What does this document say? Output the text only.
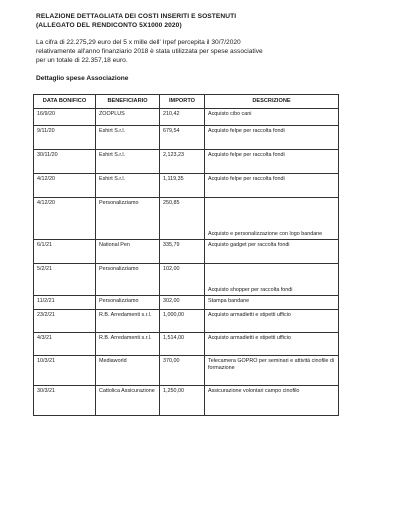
RELAZIONE DETTAGLIATA DEI COSTI INSERITI E SOSTENUTI
(ALLEGATO DEL RENDICONTO 5X1000 2020)
La cifra di 22.275,29 euro del 5 x mille dell' Irpef percepita il 30/7/2020
relativamente all'anno finanziario 2018 è stata utilizzata per spese associative
per un totale di 22.357,18 euro.
Dettaglio spese Associazione
DATA BONIFICO	BENEFICIARIO	IMPORTO	DESCRIZIONE
16/9/20	ZOOPLUS	210,42	Acquisto cibo cani
9/11/20	Eshirt S.r.l.	679,54	Acquisto felpe per raccolta fondi
30/11/20	Eshirt S.r.l.	2,123,23	Acquisto felpe per raccolta fondi
4/12/20	Eshirt S.r.l.	1,119,35	Acquisto felpe per raccolta fondi
4/12/20	Personalizziamo	250,85	Acquisto e personalizzazione con logo bandane
6/1/21	National Pen	335,79	Acquisto gadget per raccolta fondi
5/2/21	Personalizziamo	102,00	Acquisto shopper per raccolta fondi
11/2/21	Personalizziamo	302,00	Stampa bandane
23/2/21	R.B. Arredamenti s.r.l.	1,000,00	Acquisto armadietti e stipetti ufficio
4/3/21	R.B. Arredamenti s.r.l.	1,514,00	Acquisto armadietti e stipetti ufficio
10/3/21	Mediaworld	370,00	Telecamera GOPRO per seminari e attività cinofile di formazione
30/3/21	Cattolica Assicurazione	1,250,00	Assicurazione volontari campo cinofilo
